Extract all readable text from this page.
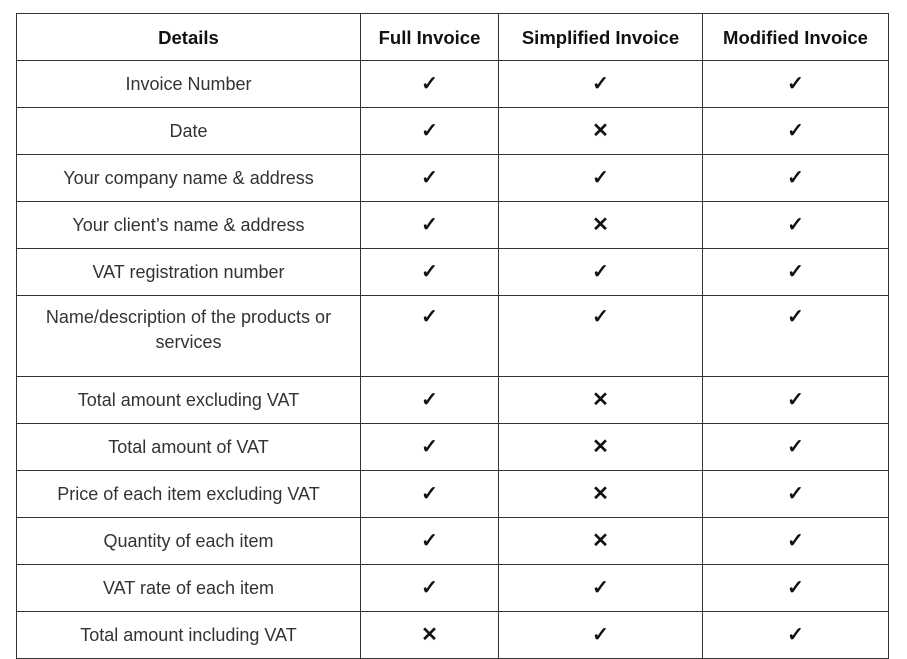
Details	Full Invoice	Simplified Invoice	Modified Invoice
Invoice Number	✓	✓	✓
Date	✓	✕	✓
Your company name & address	✓	✓	✓
Your client’s name & address	✓	✕	✓
VAT registration number	✓	✓	✓
Name/description of the products or services	✓	✓	✓
Total amount excluding VAT	✓	✕	✓
Total amount of VAT	✓	✕	✓
Price of each item excluding VAT	✓	✕	✓
Quantity of each item	✓	✕	✓
VAT rate of each item	✓	✓	✓
Total amount including VAT	✕	✓	✓
